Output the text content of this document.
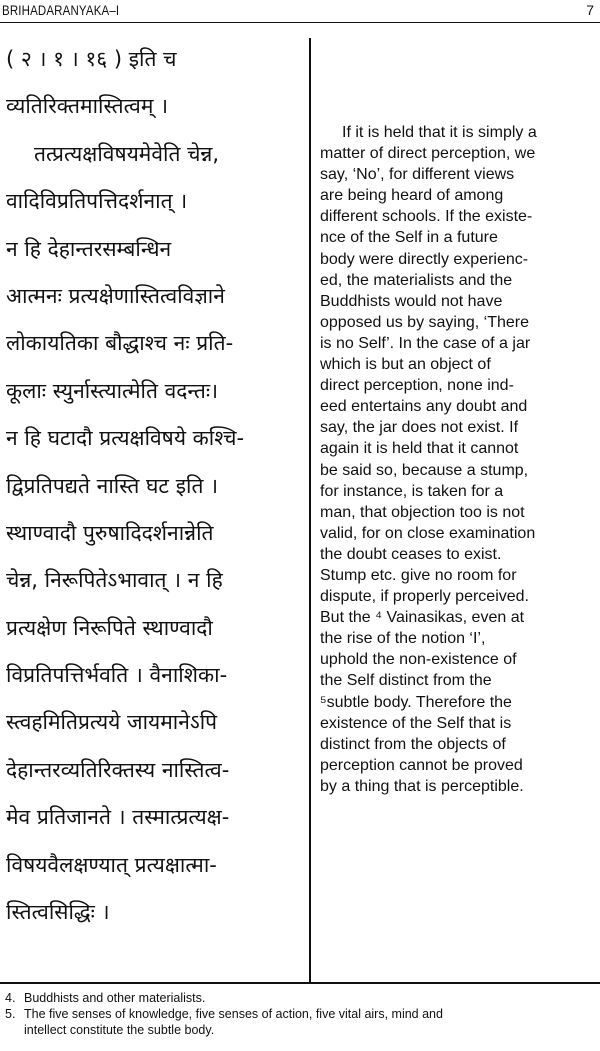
BRIHADARANYAKA–I	7
( २ । १ । १६ ) इति च
व्यतिरिक्तमास्तित्वम् ।
तत्प्रत्यक्षविषयमेवेति चेन्न,
वादिविप्रतिपत्तिदर्शनात् ।
न हि देहान्तरसम्बन्धिन
आत्मनः प्रत्यक्षेणास्तित्वविज्ञाने
लोकायतिका बौद्धाश्च नः प्रति-
कूलाः स्युर्नास्त्यात्मेति वदन्तः।
न हि घटादौ प्रत्यक्षविषये कश्चि-
द्विप्रतिपद्यते नास्ति घट इति ।
स्थाण्वादौ पुरुषादिदर्शनान्नेति
चेन्न, निरूपितेऽभावात् । न हि
प्रत्यक्षेण निरूपिते स्थाण्वादौ
विप्रतिपत्तिर्भवति । वैनाशिका-
स्त्वहमितिप्रत्यये जायमानेऽपि
देहान्तरव्यतिरिक्तस्य नास्तित्व-
मेव प्रतिजानते । तस्मात्प्रत्यक्ष-
विषयवैलक्षण्यात् प्रत्यक्षात्मा-
स्तित्वसिद्धिः ।
If it is held that it is simply a
matter of direct perception, we
say, ‘No’, for different views
are being heard of among
different schools. If the existe-
nce of the Self in a future
body were directly experienc-
ed, the materialists and the
Buddhists would not have
opposed us by saying, ‘There
is no Self’. In the case of a jar
which is but an object of
direct perception, none ind-
eed entertains any doubt and
say, the jar does not exist. If
again it is held that it cannot
be said so, because a stump,
for instance, is taken for a
man, that objection too is not
valid, for on close examination
the doubt ceases to exist.
Stump etc. give no room for
dispute, if properly perceived.
But the ⁴ Vainasikas, even at
the rise of the notion ‘I’,
uphold the non-existence of
the Self distinct from the
⁵subtle body. Therefore the
existence of the Self that is
distinct from the objects of
perception cannot be proved
by a thing that is perceptible.
4. Buddhists and other materialists.
5. The five senses of knowledge, five senses of action, five vital airs, mind and
intellect constitute the subtle body.
